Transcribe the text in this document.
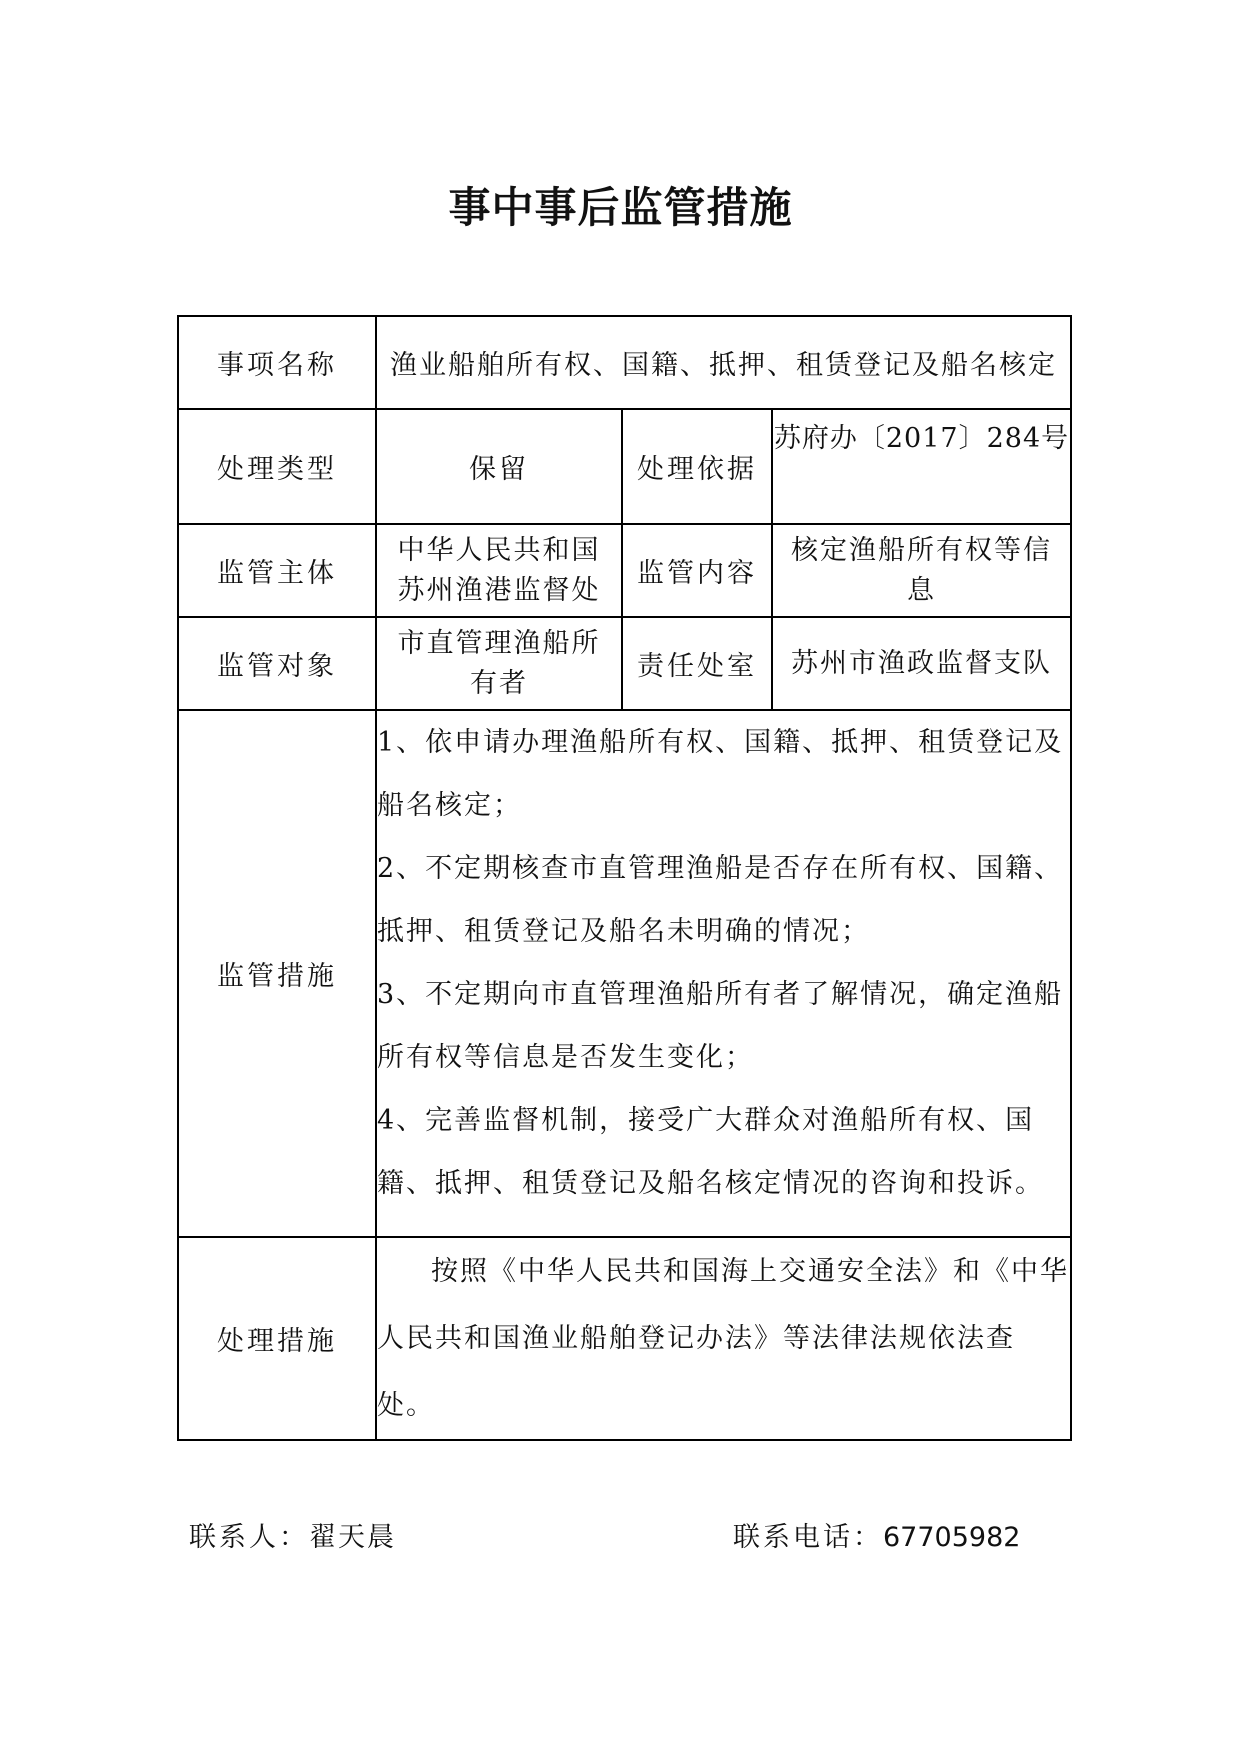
事中事后监管措施
事项名称	渔业船舶所有权、国籍、抵押、租赁登记及船名核定		
处理类型	保留	处理依据	苏府办〔2017〕284号
监管主体	中华人民共和国苏州渔港监督处	监管内容	核定渔船所有权等信息
监管对象	市直管理渔船所有者	责任处室	苏州市渔政监督支队
监管措施	1、依申请办理渔船所有权、国籍、抵押、租赁登记及船名核定；

2、不定期核查市直管理渔船是否存在所有权、国籍、抵押、租赁登记及船名未明确的情况；

3、不定期向市直管理渔船所有者了解情况，确定渔船所有权等信息是否发生变化；

4、完善监督机制，接受广大群众对渔船所有权、国籍、抵押、租赁登记及船名核定情况的咨询和投诉。		

处理措施	按照《中华人民共和国海上交通安全法》和《中华人民共和国渔业船舶登记办法》等法律法规依法查处。		

联系人：翟天晨	联系电话：67705982
